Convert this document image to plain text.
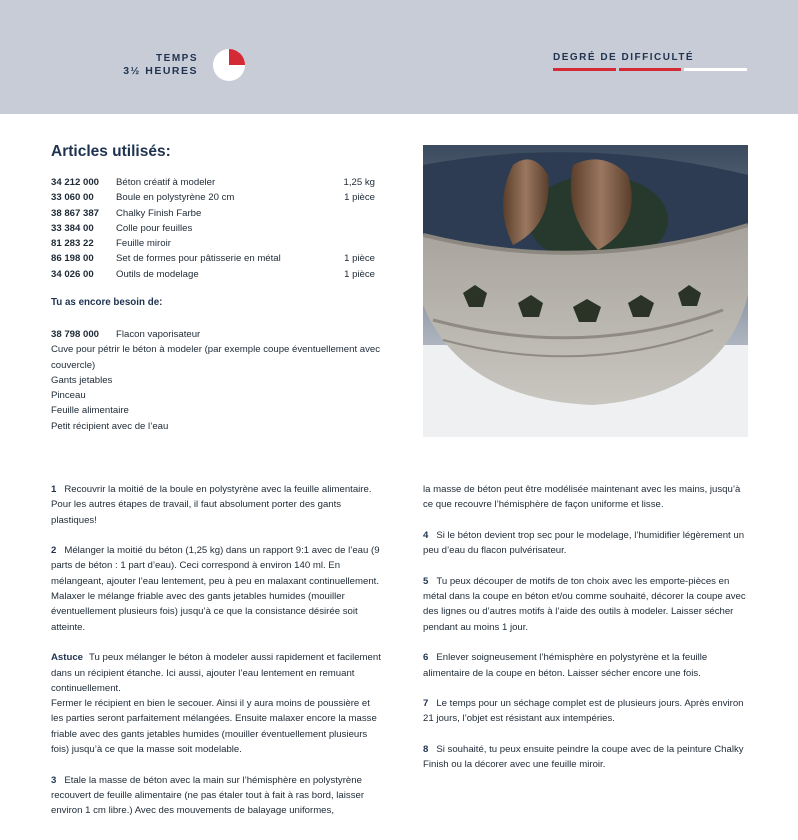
TEMPS
3½ HEURES
DEGRÉ DE DIFFICULTÉ
Articles utilisés:
34 212 000	Béton créatif à modeler	1,25 kg
33 060 00	Boule en polystyrène 20 cm	1 pièce
38 867 387	Chalky Finish Farbe
33 384 00	Colle pour feuilles
81 283 22	Feuille miroir
86 198 00	Set de formes pour pâtisserie en métal	1 pièce
34 026 00	Outils de modelage	1 pièce
Tu as encore besoin de:
38 798 000	Flacon vaporisateur
Cuve pour pétrir le béton à modeler (par exemple coupe éventuellement avec couvercle)
Gants jetables
Pinceau
Feuille alimentaire
Petit récipient avec de l’eau

1 Recouvrir la moitié de la boule en polystyrène avec la feuille alimentaire. Pour les autres étapes de travail, il faut absolument porter des gants plastiques!

2 Mélanger la moitié du béton (1,25 kg) dans un rapport 9:1 avec de l’eau (9 parts de béton : 1 part d’eau). Ceci correspond à environ 140 ml. En mélangeant, ajouter l’eau lentement, peu à peu en malaxant continuellement. Malaxer le mélange friable avec des gants jetables humides (mouiller éventuellement plusieurs fois) jusqu’à ce que la consistance désirée soit atteinte.

Astuce Tu peux mélanger le béton à modeler aussi rapidement et facilement dans un récipient étanche. Ici aussi, ajouter l’eau lentement en remuant continuellement.

Fermer le récipient en bien le secouer. Ainsi il y aura moins de poussière et les parties seront parfaitement mélangées. Ensuite malaxer encore la masse friable avec des gants jetables humides (mouiller éventuellement plusieurs fois) jusqu’à ce que la masse soit modelable.

3 Etale la masse de béton avec la main sur l’hémisphère en polystyrène recouvert de feuille alimentaire (ne pas étaler tout à fait à ras bord, laisser environ 1 cm libre.) Avec des mouvements de balayage uniformes,

la masse de béton peut être modélisée maintenant avec les mains, jusqu’à ce que recouvre l’hémisphère de façon uniforme et lisse.

4 Si le béton devient trop sec pour le modelage, l’humidifier légèrement un peu d’eau du flacon pulvérisateur.

5 Tu peux découper de motifs de ton choix avec les emporte-pièces en métal dans la coupe en béton et/ou comme souhaité, décorer la coupe avec des lignes ou d’autres motifs à l’aide des outils à modeler. Laisser sécher pendant au moins 1 jour.

6 Enlever soigneusement l’hémisphère en polystyrène et la feuille alimentaire de la coupe en béton. Laisser sécher encore une fois.

7 Le temps pour un séchage complet est de plusieurs jours. Après environ 21 jours, l’objet est résistant aux intempéries.

8 Si souhaité, tu peux ensuite peindre la coupe avec de la peinture Chalky Finish ou la décorer avec une feuille miroir.
